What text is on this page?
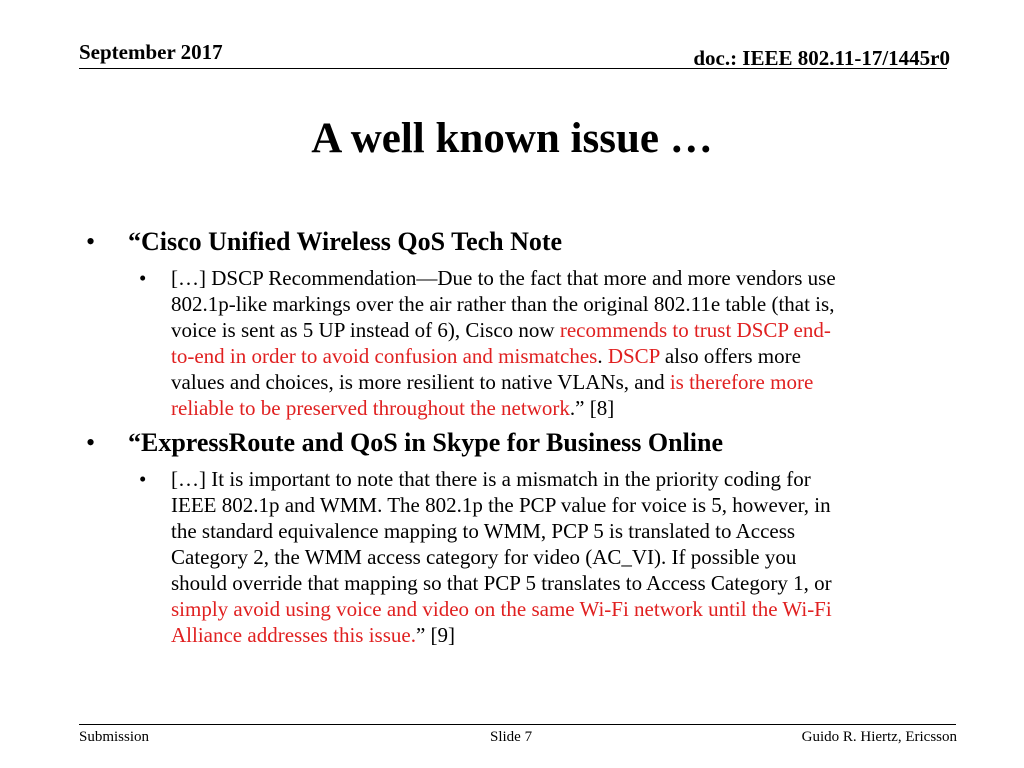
September 2017	doc.: IEEE 802.11-17/1445r0
A well known issue …
• “Cisco Unified Wireless QoS Tech Note
• […] DSCP Recommendation—Due to the fact that more and more vendors use
802.1p-like markings over the air rather than the original 802.11e table (that is,
voice is sent as 5 UP instead of 6), Cisco now recommends to trust DSCP end-
to-end in order to avoid confusion and mismatches. DSCP also offers more
values and choices, is more resilient to native VLANs, and is therefore more
reliable to be preserved throughout the network.” [8]
• “ExpressRoute and QoS in Skype for Business Online
• […] It is important to note that there is a mismatch in the priority coding for
IEEE 802.1p and WMM. The 802.1p the PCP value for voice is 5, however, in
the standard equivalence mapping to WMM, PCP 5 is translated to Access
Category 2, the WMM access category for video (AC_VI). If possible you
should override that mapping so that PCP 5 translates to Access Category 1, or
simply avoid using voice and video on the same Wi-Fi network until the Wi-Fi
Alliance addresses this issue.” [9]
Submission	Slide 7	Guido R. Hiertz, Ericsson
